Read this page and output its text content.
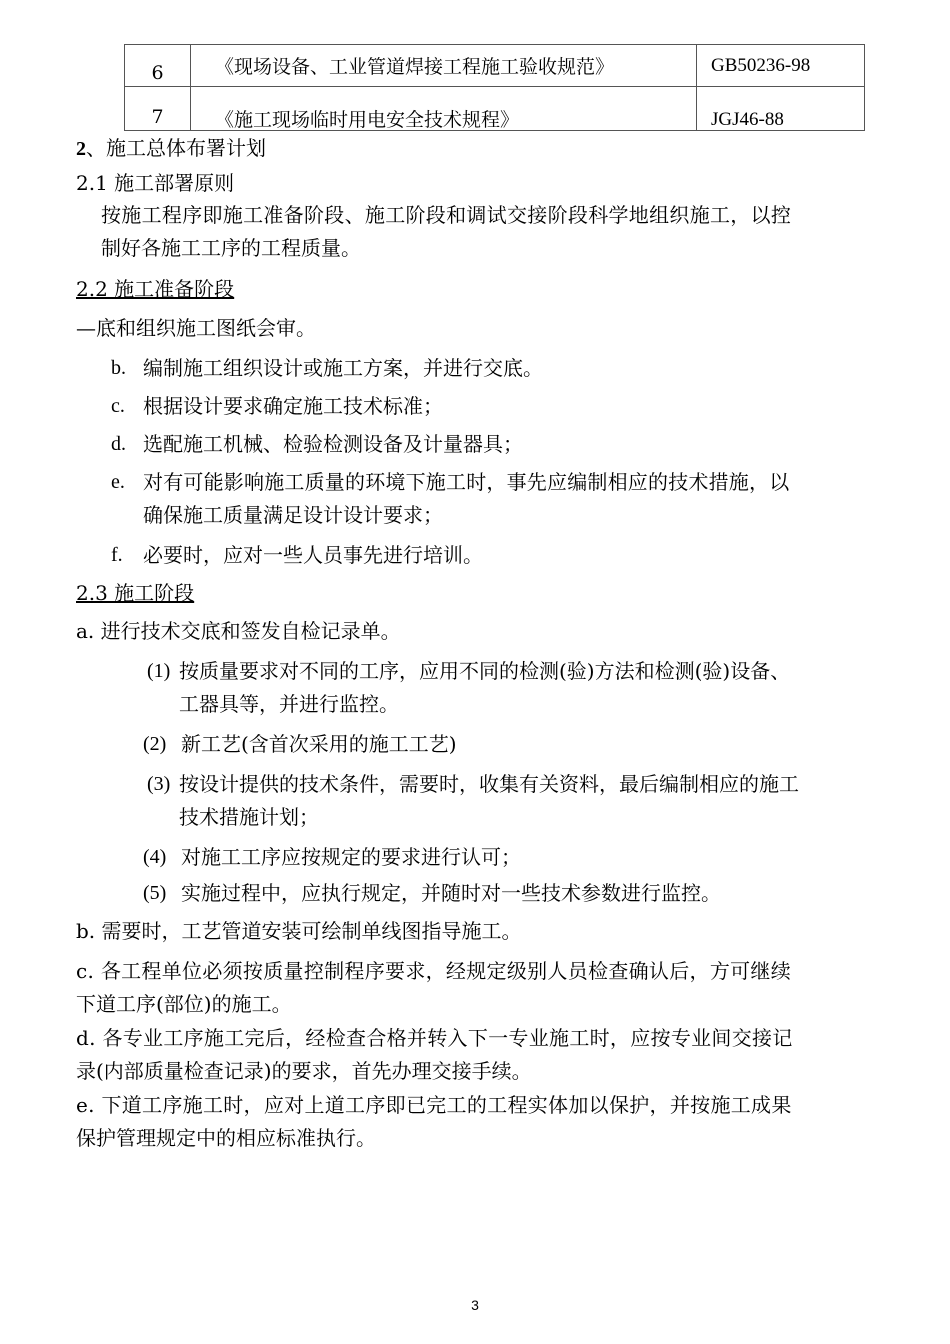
6	《现场设备、工业管道焊接工程施工验收规范》	GB50236-98
7	《施工现场临时用电安全技术规程》	JGJ46-88
2、施工总体布署计划
2.1 施工部署原则
按施工程序即施工准备阶段、施工阶段和调试交接阶段科学地组织施工，以控
制好各施工工序的工程质量。
2.2 施工准备阶段
—底和组织施工图纸会审。
b. 编制施工组织设计或施工方案，并进行交底。
c. 根据设计要求确定施工技术标准；
d. 选配施工机械、检验检测设备及计量器具；
e. 对有可能影响施工质量的环境下施工时，事先应编制相应的技术措施，以
确保施工质量满足设计设计要求；
f. 必要时，应对一些人员事先进行培训。
2.3 施工阶段
a. 进行技术交底和签发自检记录单。
(1) 按质量要求对不同的工序，应用不同的检测(验)方法和检测(验)设备、
工器具等，并进行监控。
(2) 新工艺(含首次采用的施工工艺)
(3) 按设计提供的技术条件，需要时，收集有关资料，最后编制相应的施工
技术措施计划；
(4) 对施工工序应按规定的要求进行认可；
(5) 实施过程中，应执行规定，并随时对一些技术参数进行监控。
b. 需要时，工艺管道安装可绘制单线图指导施工。
c. 各工程单位必须按质量控制程序要求，经规定级别人员检查确认后，方可继续
下道工序(部位)的施工。
d. 各专业工序施工完后，经检查合格并转入下一专业施工时，应按专业间交接记
录(内部质量检查记录)的要求，首先办理交接手续。
e. 下道工序施工时，应对上道工序即已完工的工程实体加以保护，并按施工成果
保护管理规定中的相应标准执行。
3
